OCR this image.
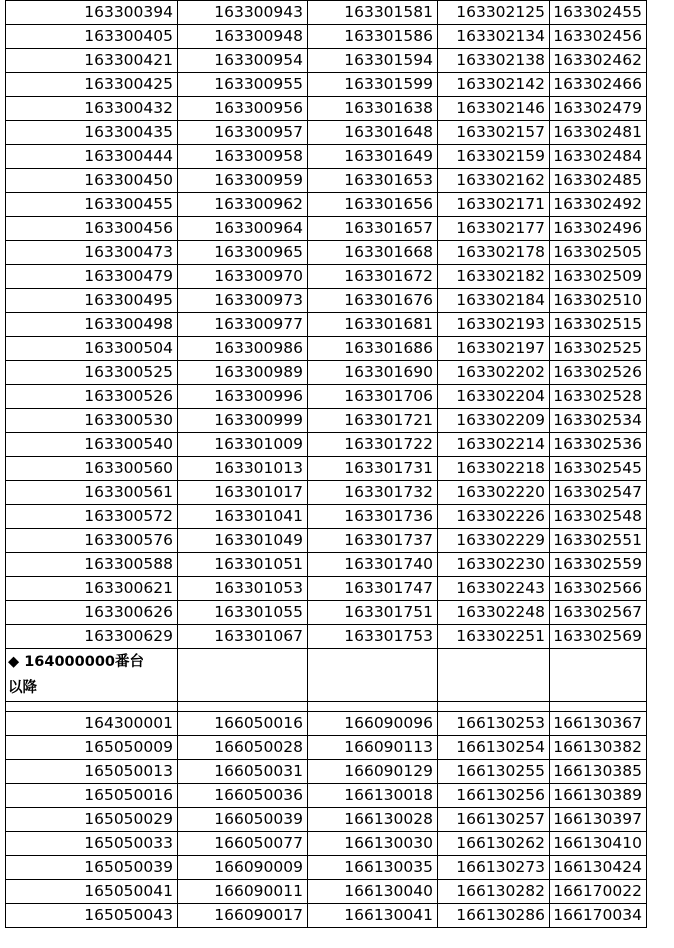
163300394	163300943	163301581	163302125	163302455
163300405	163300948	163301586	163302134	163302456
163300421	163300954	163301594	163302138	163302462
163300425	163300955	163301599	163302142	163302466
163300432	163300956	163301638	163302146	163302479
163300435	163300957	163301648	163302157	163302481
163300444	163300958	163301649	163302159	163302484
163300450	163300959	163301653	163302162	163302485
163300455	163300962	163301656	163302171	163302492
163300456	163300964	163301657	163302177	163302496
163300473	163300965	163301668	163302178	163302505
163300479	163300970	163301672	163302182	163302509
163300495	163300973	163301676	163302184	163302510
163300498	163300977	163301681	163302193	163302515
163300504	163300986	163301686	163302197	163302525
163300525	163300989	163301690	163302202	163302526
163300526	163300996	163301706	163302204	163302528
163300530	163300999	163301721	163302209	163302534
163300540	163301009	163301722	163302214	163302536
163300560	163301013	163301731	163302218	163302545
163300561	163301017	163301732	163302220	163302547
163300572	163301041	163301736	163302226	163302548
163300576	163301049	163301737	163302229	163302551
163300588	163301051	163301740	163302230	163302559
163300621	163301053	163301747	163302243	163302566
163300626	163301055	163301751	163302248	163302567
163300629	163301067	163301753	163302251	163302569

◆ 164000000番台
以降				

164300001	166050016	166090096	166130253	166130367
165050009	166050028	166090113	166130254	166130382
165050013	166050031	166090129	166130255	166130385
165050016	166050036	166130018	166130256	166130389
165050029	166050039	166130028	166130257	166130397
165050033	166050077	166130030	166130262	166130410
165050039	166090009	166130035	166130273	166130424
165050041	166090011	166130040	166130282	166170022
165050043	166090017	166130041	166130286	166170034
